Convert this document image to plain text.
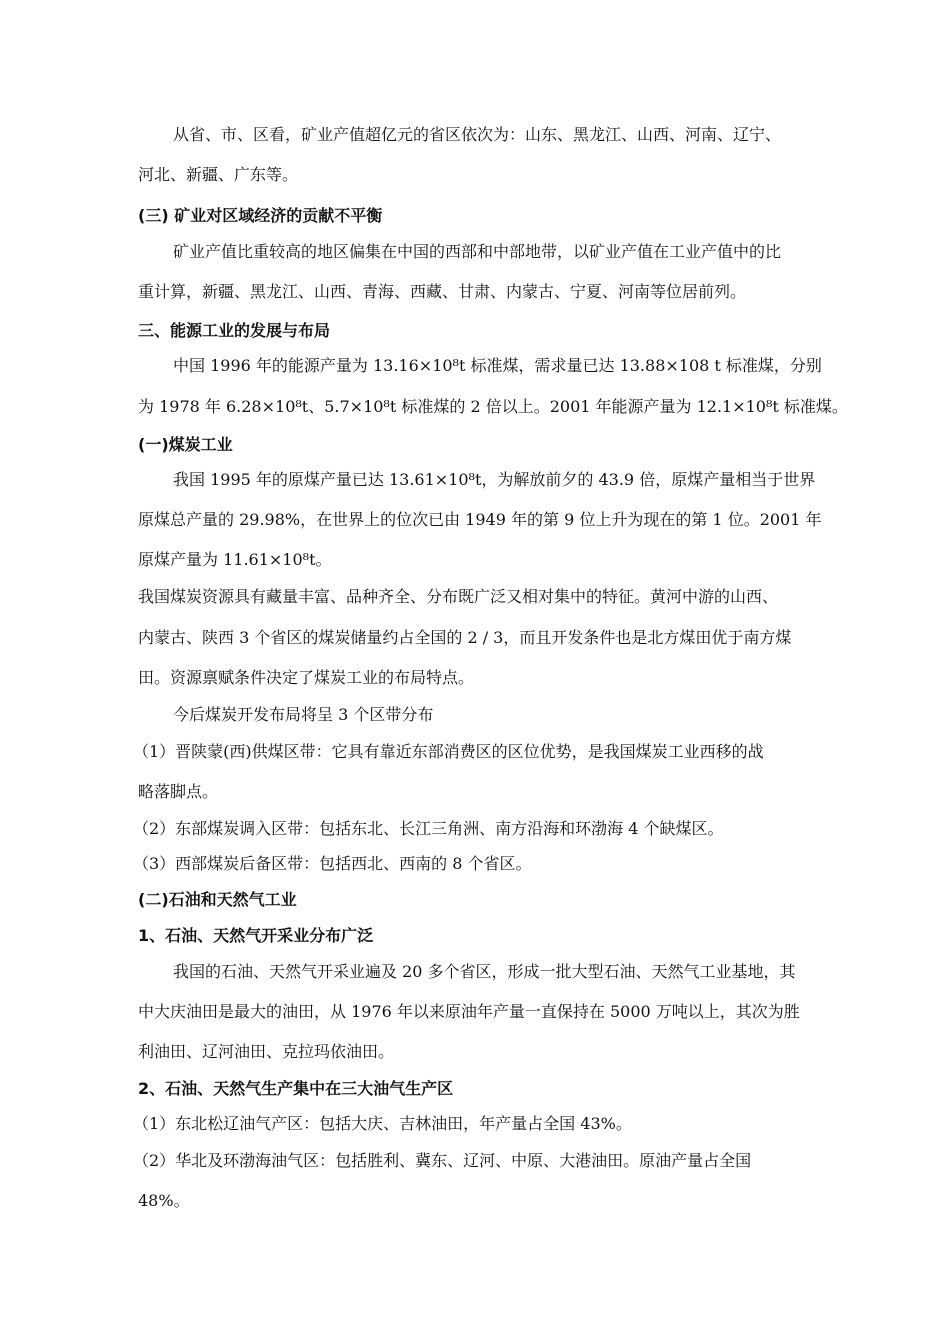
从省、市、区看，矿业产值超亿元的省区依次为：山东、黑龙江、山西、河南、辽宁、
河北、新疆、广东等。
(三) 矿业对区域经济的贡献不平衡
矿业产值比重较高的地区偏集在中国的西部和中部地带，以矿业产值在工业产值中的比
重计算，新疆、黑龙江、山西、青海、西藏、甘肃、内蒙古、宁夏、河南等位居前列。
三、能源工业的发展与布局
中国 1996 年的能源产量为 13.16×10⁸t 标准煤，需求量已达 13.88×108 t 标准煤，分别
为 1978 年 6.28×10⁸t、5.7×10⁸t 标准煤的 2 倍以上。2001 年能源产量为 12.1×10⁸t 标准煤。
(一)煤炭工业
我国 1995 年的原煤产量已达 13.61×10⁸t，为解放前夕的 43.9 倍，原煤产量相当于世界
原煤总产量的 29.98%，在世界上的位次已由 1949 年的第 9 位上升为现在的第 1 位。2001 年
原煤产量为 11.61×10⁸t。
我国煤炭资源具有藏量丰富、品种齐全、分布既广泛又相对集中的特征。黄河中游的山西、
内蒙古、陕西 3 个省区的煤炭储量约占全国的 2 / 3，而且开发条件也是北方煤田优于南方煤
田。资源禀赋条件决定了煤炭工业的布局特点。
今后煤炭开发布局将呈 3 个区带分布
（1）晋陕蒙(西)供煤区带：它具有靠近东部消费区的区位优势，是我国煤炭工业西移的战
略落脚点。
（2）东部煤炭调入区带：包括东北、长江三角洲、南方沿海和环渤海 4 个缺煤区。
（3）西部煤炭后备区带：包括西北、西南的 8 个省区。
(二)石油和天然气工业
1、石油、天然气开采业分布广泛
我国的石油、天然气开采业遍及 20 多个省区，形成一批大型石油、天然气工业基地，其
中大庆油田是最大的油田，从 1976 年以来原油年产量一直保持在 5000 万吨以上，其次为胜
利油田、辽河油田、克拉玛依油田。
2、石油、天然气生产集中在三大油气生产区
（1）东北松辽油气产区：包括大庆、吉林油田，年产量占全国 43%。
（2）华北及环渤海油气区：包括胜利、冀东、辽河、中原、大港油田。原油产量占全国
48%。
